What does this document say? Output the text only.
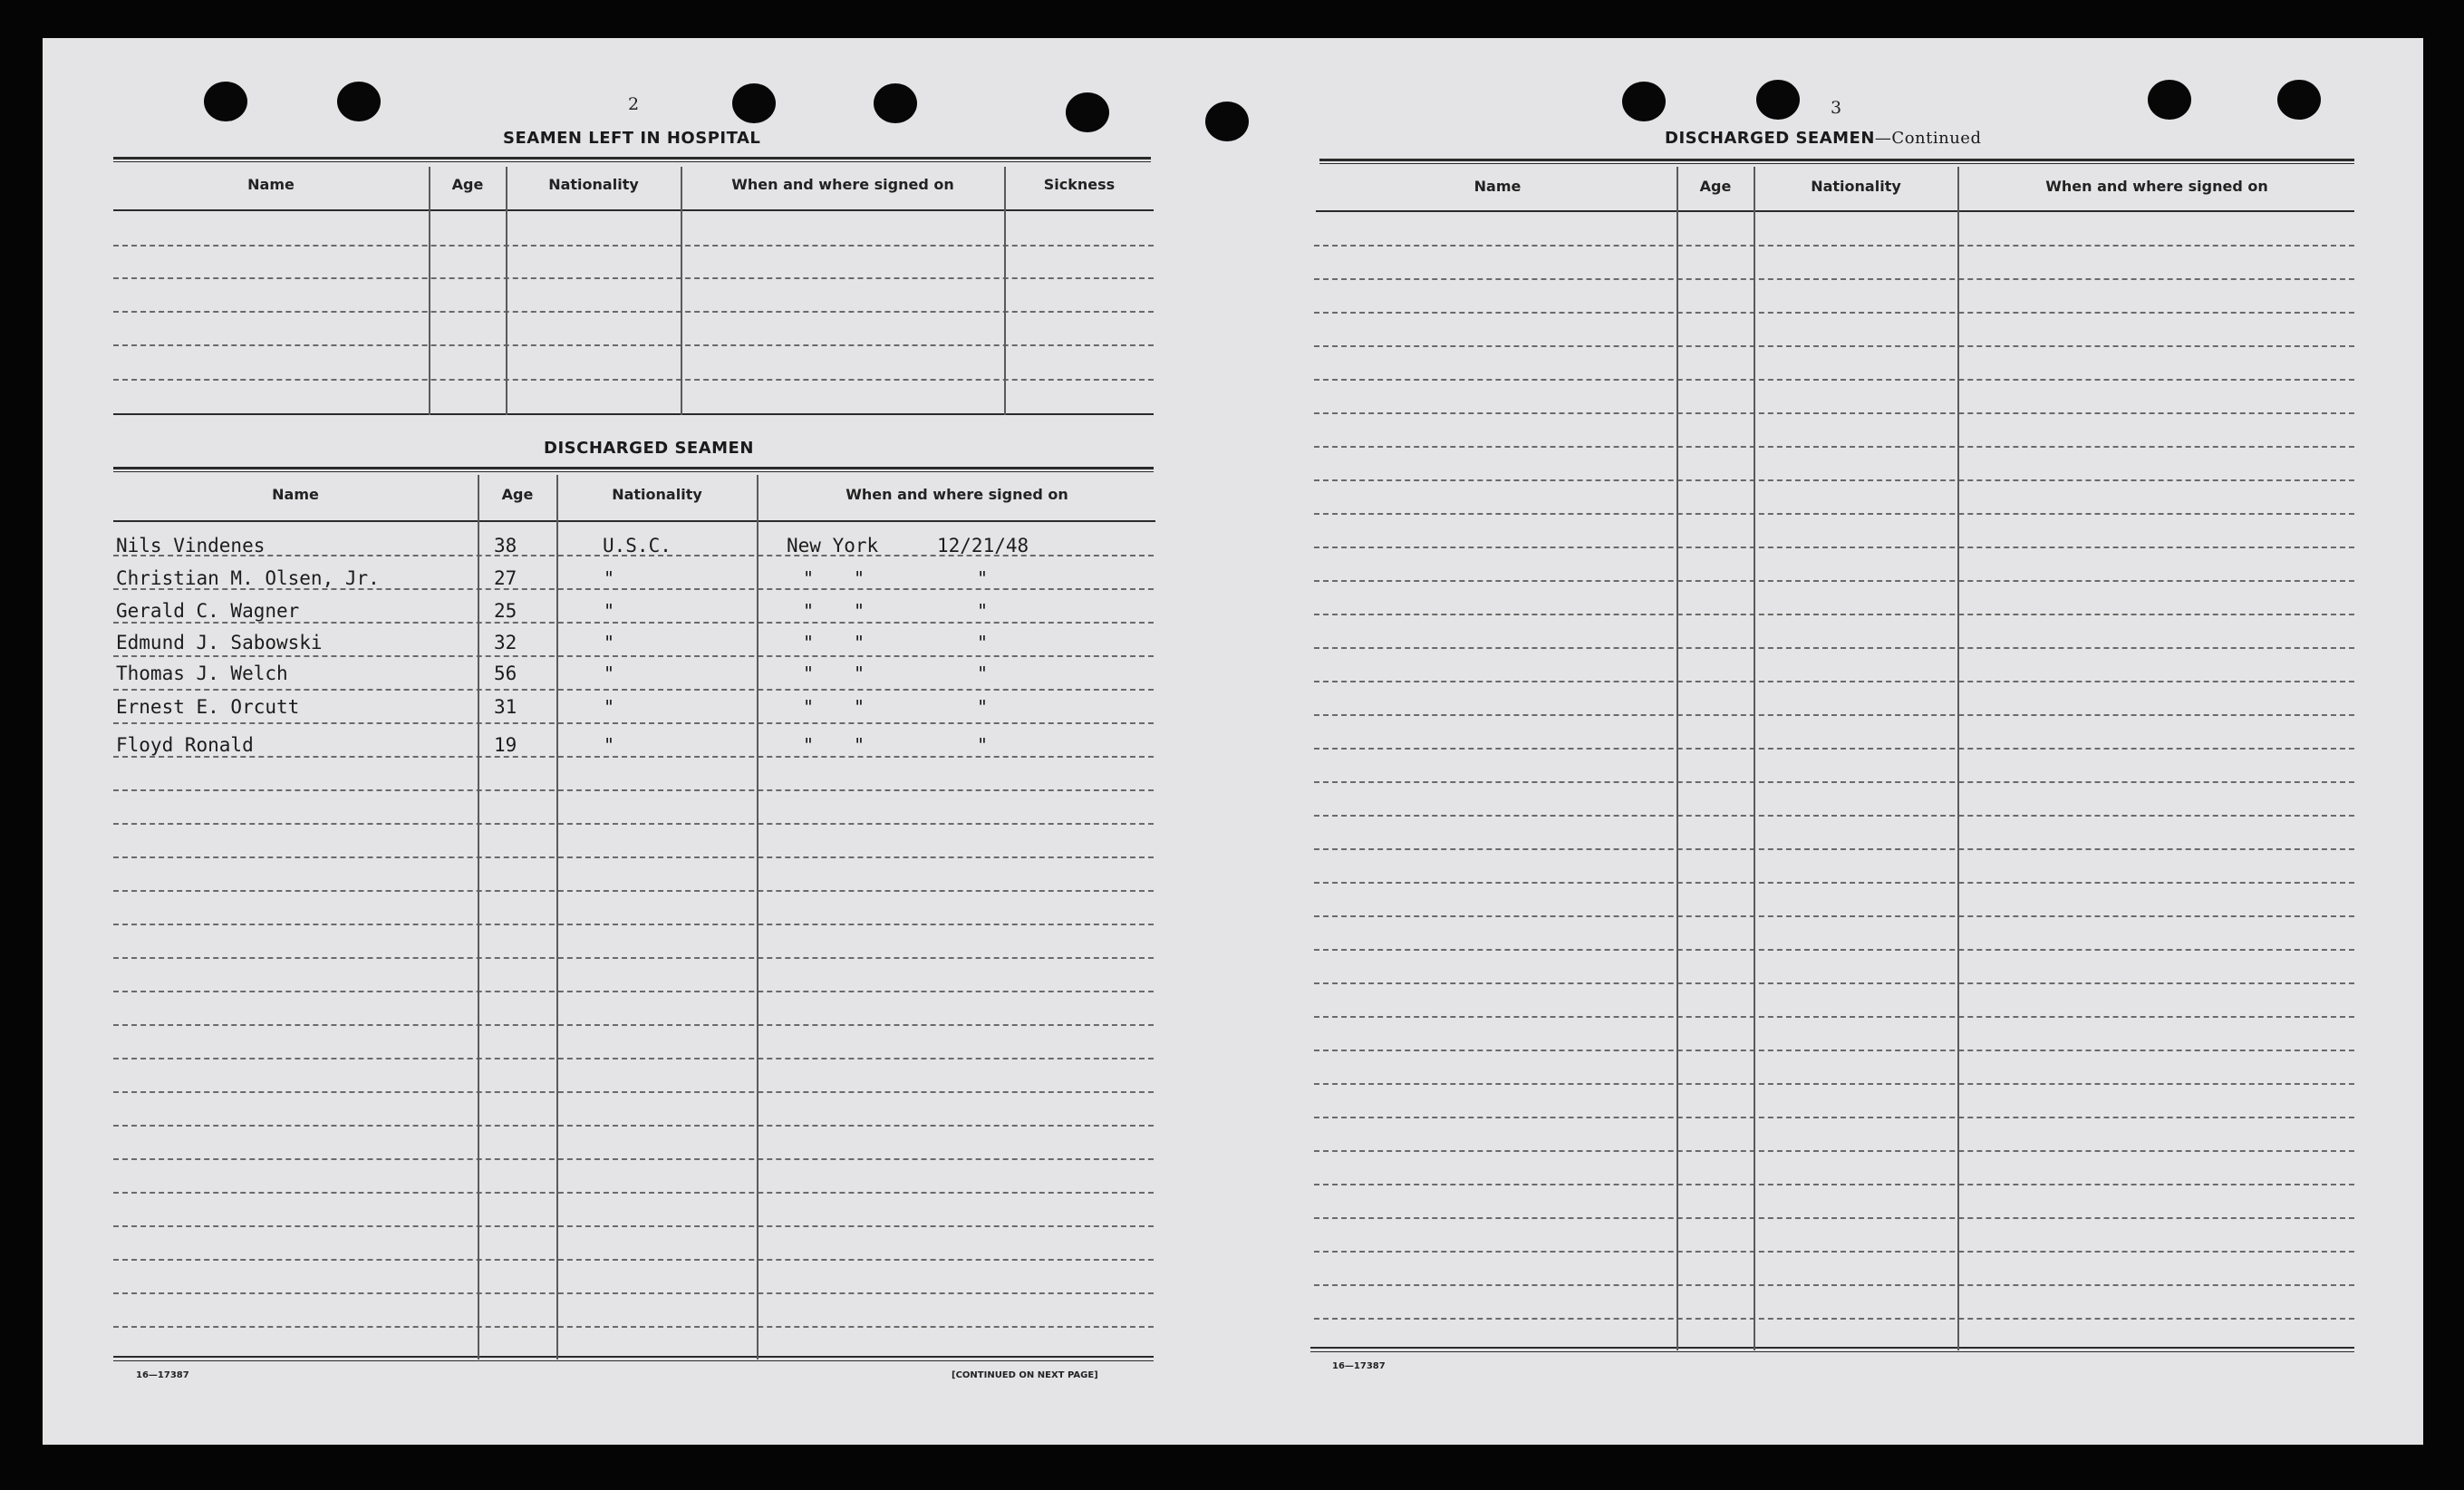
2
SEAMEN LEFT IN HOSPITAL
Name	Age	Nationality	When and where signed on	Sickness
DISCHARGED SEAMEN
Name	Age	Nationality	When and where signed on
Nils Vindenes	38	U.S.C.	New York	12/21/48
Christian M. Olsen, Jr.	27	"	" "	"
Gerald C. Wagner	25	"	" "	"
Edmund J. Sabowski	32	"	" "	"
Thomas J. Welch	56	"	" "	"
Ernest E. Orcutt	31	"	" "	"
Floyd Ronald	19	"	" "	"
16—17387	[CONTINUED ON NEXT PAGE]
3
DISCHARGED SEAMEN—Continued
Name	Age	Nationality	When and where signed on
16—17387
